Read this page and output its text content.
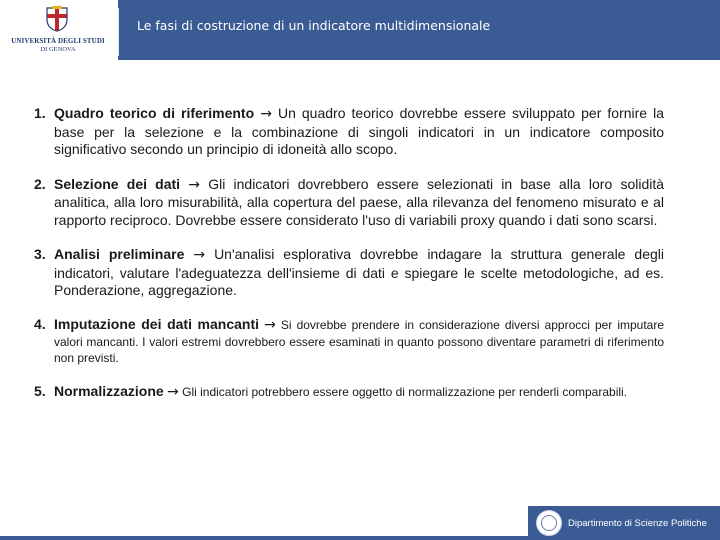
UNIVERSITÀ DEGLI STUDI
DI GENOVA
Le fasi di costruzione di un indicatore multidimensionale
1. Quadro teorico di riferimento → Un quadro teorico dovrebbe essere sviluppato per fornire la base per la selezione e la combinazione di singoli indicatori in un indicatore composito significativo secondo un principio di idoneità allo scopo.
2. Selezione dei dati → Gli indicatori dovrebbero essere selezionati in base alla loro solidità analitica, alla loro misurabilità, alla copertura del paese, alla rilevanza del fenomeno misurato e al rapporto reciproco. Dovrebbe essere considerato l'uso di variabili proxy quando i dati sono scarsi.
3. Analisi preliminare → Un'analisi esplorativa dovrebbe indagare la struttura generale degli indicatori, valutare l'adeguatezza dell'insieme di dati e spiegare le scelte metodologiche, ad es. Ponderazione, aggregazione.
4. Imputazione dei dati mancanti → Si dovrebbe prendere in considerazione diversi approcci per imputare valori mancanti. I valori estremi dovrebbero essere esaminati in quanto possono diventare parametri di riferimento non previsti.
5. Normalizzazione → Gli indicatori potrebbero essere oggetto di normalizzazione per renderli comparabili.
Dipartimento di Scienze Politiche
